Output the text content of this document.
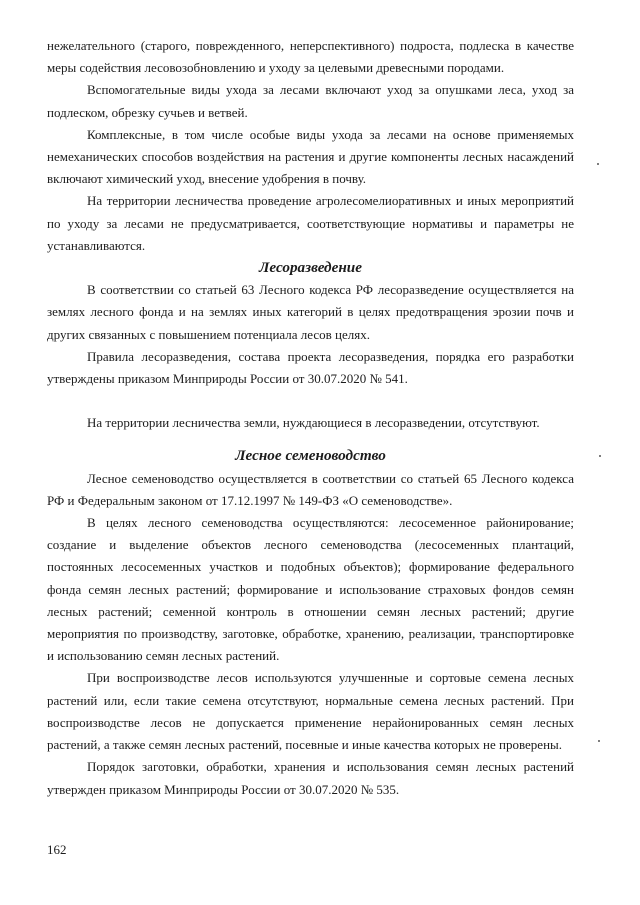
нежелательного (старого, поврежденного, неперспективного) подроста, подлеска в качестве меры содействия лесовозобновлению и уходу за целевыми древесными породами.

Вспомогательные виды ухода за лесами включают уход за опушками леса, уход за подлеском, обрезку сучьев и ветвей.

Комплексные, в том числе особые виды ухода за лесами на основе применяемых немеханических способов воздействия на растения и другие компоненты лесных насаждений включают химический уход, внесение удобрения в почву.

На территории лесничества проведение агролесомелиоративных и иных мероприятий по уходу за лесами не предусматривается, соответствующие нормативы и параметры не устанавливаются.

Лесоразведение

В соответствии со статьей 63 Лесного кодекса РФ лесоразведение осуществляется на землях лесного фонда и на землях иных категорий в целях предотвращения эрозии почв и других связанных с повышением потенциала лесов целях.

Правила лесоразведения, состава проекта лесоразведения, порядка его разработки утверждены приказом Минприроды России от 30.07.2020 № 541.

На территории лесничества земли, нуждающиеся в лесоразведении, отсутствуют.

Лесное семеноводство

Лесное семеноводство осуществляется в соответствии со статьей 65 Лесного кодекса РФ и Федеральным законом от 17.12.1997 № 149-ФЗ «О семеноводстве».

В целях лесного семеноводства осуществляются: лесосеменное районирование; создание и выделение объектов лесного семеноводства (лесосеменных плантаций, постоянных лесосеменных участков и подобных объектов); формирование федерального фонда семян лесных растений; формирование и использование страховых фондов семян лесных растений; семенной контроль в отношении семян лесных растений; другие мероприятия по производству, заготовке, обработке, хранению, реализации, транспортировке и использованию семян лесных растений.

При воспроизводстве лесов используются улучшенные и сортовые семена лесных растений или, если такие семена отсутствуют, нормальные семена лесных растений. При воспроизводстве лесов не допускается применение нерайонированных семян лесных растений, а также семян лесных растений, посевные и иные качества которых не проверены.

Порядок заготовки, обработки, хранения и использования семян лесных растений утвержден приказом Минприроды России от 30.07.2020 № 535.

162
